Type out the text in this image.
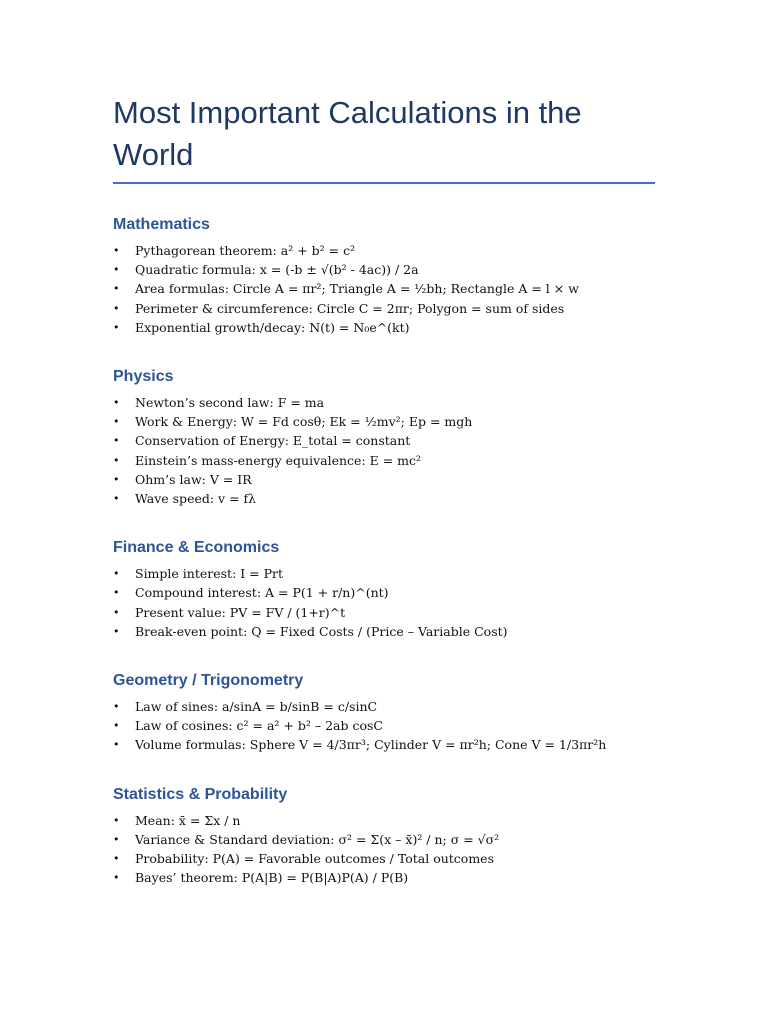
Most Important Calculations in the World
Mathematics
• Pythagorean theorem: a² + b² = c²
• Quadratic formula: x = (-b ± √(b² - 4ac)) / 2a
• Area formulas: Circle A = πr²; Triangle A = ½bh; Rectangle A = l × w
• Perimeter & circumference: Circle C = 2πr; Polygon = sum of sides
• Exponential growth/decay: N(t) = N₀e^(kt)
Physics
• Newton’s second law: F = ma
• Work & Energy: W = Fd cosθ; Ek = ½mv²; Ep = mgh
• Conservation of Energy: E_total = constant
• Einstein’s mass-energy equivalence: E = mc²
• Ohm’s law: V = IR
• Wave speed: v = fλ
Finance & Economics
• Simple interest: I = Prt
• Compound interest: A = P(1 + r/n)^(nt)
• Present value: PV = FV / (1+r)^t
• Break-even point: Q = Fixed Costs / (Price – Variable Cost)
Geometry / Trigonometry
• Law of sines: a/sinA = b/sinB = c/sinC
• Law of cosines: c² = a² + b² – 2ab cosC
• Volume formulas: Sphere V = 4/3πr³; Cylinder V = πr²h; Cone V = 1/3πr²h
Statistics & Probability
• Mean: x̄ = Σx / n
• Variance & Standard deviation: σ² = Σ(x – x̄)² / n; σ = √σ²
• Probability: P(A) = Favorable outcomes / Total outcomes
• Bayes’ theorem: P(A|B) = P(B|A)P(A) / P(B)
